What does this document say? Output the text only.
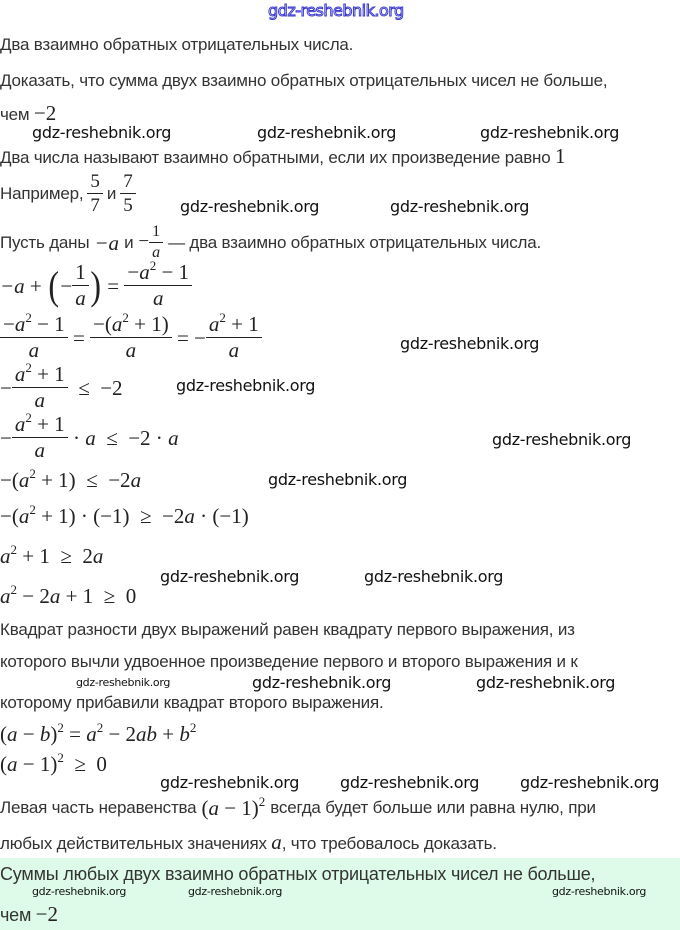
gdz-reshebnik.org
Два взаимно обратных отрицательных числа.
Доказать, что сумма двух взаимно обратных отрицательных чисел не больше,
чем −2
gdz-reshebnik.org	gdz-reshebnik.org	gdz-reshebnik.org
Два числа называют взаимно обратными, если их произведение равно 1
Например, $\frac{5}{7}$ и $\frac{7}{5}$	gdz-reshebnik.org	gdz-reshebnik.org
Пусть даны −a $и - \frac{1}{a}$ — два взаимно обратных отрицательных числа.
−a + ( − $\frac{1}{a}$ ) = $\frac{-a^2 - 1}{a}$
$\frac{-a^2 - 1}{a} = \frac{-(a^2 + 1)}{a}$ = − $\frac{a^2 + 1}{a}$	gdz-reshebnik.org
− $\frac{a^2 + 1}{a} \le -2$	gdz-reshebnik.org
− $\frac{a^2 + 1}{a} \cdot a \le -2 \cdot a$	gdz-reshebnik.org
$-(a^2 + 1) \le -2a$	gdz-reshebnik.org
$-(a^2 + 1) \cdot (-1) \ge -2a \cdot (-1)$
$a^2 + 1 \ge 2a$
gdz-reshebnik.org	gdz-reshebnik.org
$a^2 - 2a + 1 \ge 0$
Квадрат разности двух выражений равен квадрату первого выражения, из
которого вычли удвоенное произведение первого и второго выражения и к
gdz-reshebnik.org	gdz-reshebnik.org	gdz-reshebnik.org
которому прибавили квадрат второго выражения.
$(a - b)^2 = a^2 - 2ab + b^2$
$(a - 1)^2 \ge 0$
gdz-reshebnik.org	gdz-reshebnik.org	gdz-reshebnik.org
Левая часть неравенства $(a - 1)^2$ всегда будет больше или равна нулю, при
любых действительных значениях a, что требовалось доказать.
Суммы любых двух взаимно обратных отрицательных чисел не больше,
gdz-reshebnik.org	gdz-reshebnik.org	gdz-reshebnik.org
чем −2
